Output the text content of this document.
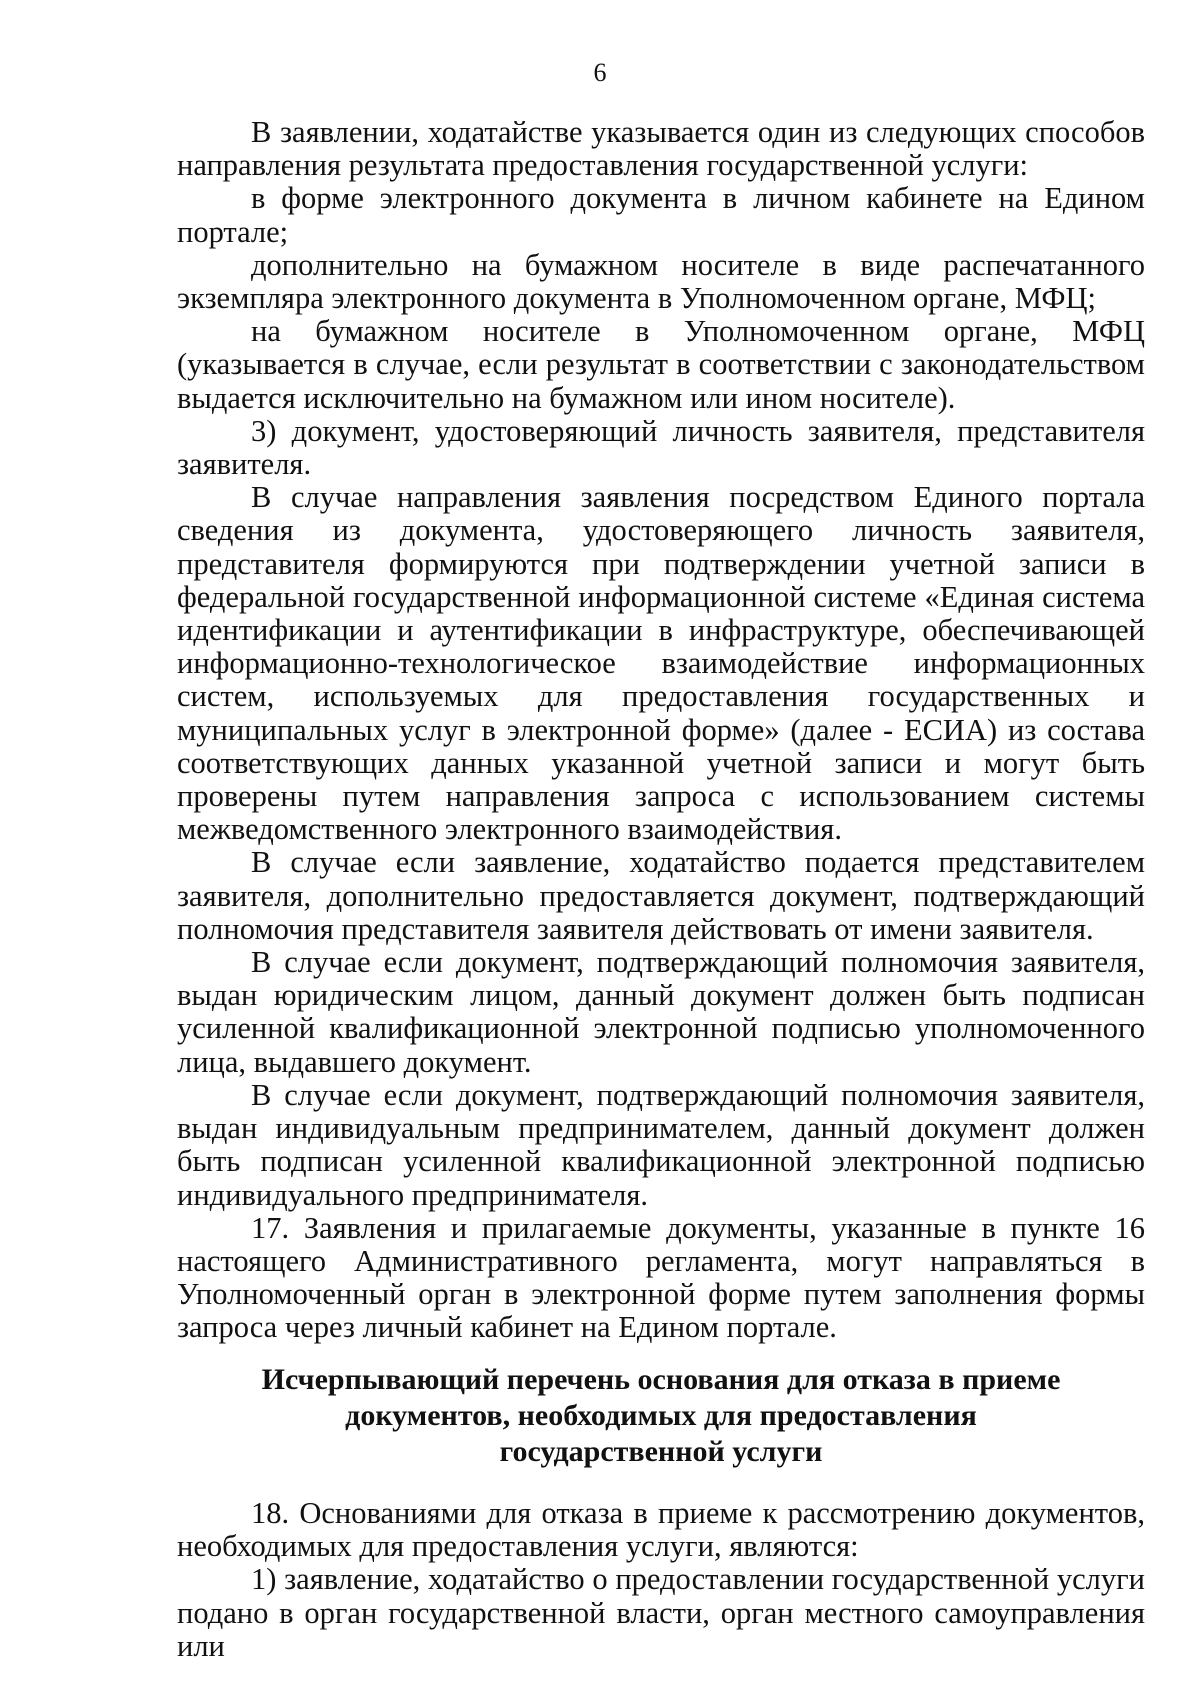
6

В заявлении, ходатайстве указывается один из следующих способов направления результата предоставления государственной услуги:

в форме электронного документа в личном кабинете на Едином портале;

дополнительно на бумажном носителе в виде распечатанного экземпляра электронного документа в Уполномоченном органе, МФЦ;

на бумажном носителе в Уполномоченном органе, МФЦ (указывается в случае, если результат в соответствии с законодательством выдается исключительно на бумажном или ином носителе).

3) документ, удостоверяющий личность заявителя, представителя заявителя.

В случае направления заявления посредством Единого портала сведения из документа, удостоверяющего личность заявителя, представителя формируются при подтверждении учетной записи в федеральной государственной информационной системе «Единая система идентификации и аутентификации в инфраструктуре, обеспечивающей информационно-технологическое взаимодействие информационных систем, используемых для предоставления государственных и муниципальных услуг в электронной форме» (далее - ЕСИА) из состава соответствующих данных указанной учетной записи и могут быть проверены путем направления запроса с использованием системы межведомственного электронного взаимодействия.

В случае если заявление, ходатайство подается представителем заявителя, дополнительно предоставляется документ, подтверждающий полномочия представителя заявителя действовать от имени заявителя.

В случае если документ, подтверждающий полномочия заявителя, выдан юридическим лицом, данный документ должен быть подписан усиленной квалификационной электронной подписью уполномоченного лица, выдавшего документ.

В случае если документ, подтверждающий полномочия заявителя, выдан индивидуальным предпринимателем, данный документ должен быть подписан усиленной квалификационной электронной подписью индивидуального предпринимателя.

17. Заявления и прилагаемые документы, указанные в пункте 16 настоящего Административного регламента, могут направляться в Уполномоченный орган в электронной форме путем заполнения формы запроса через личный кабинет на Едином портале.

Исчерпывающий перечень основания для отказа в приеме
документов, необходимых для предоставления
государственной услуги

18. Основаниями для отказа в приеме к рассмотрению документов, необходимых для предоставления услуги, являются:

1) заявление, ходатайство о предоставлении государственной услуги подано в орган государственной власти, орган местного самоуправления или
